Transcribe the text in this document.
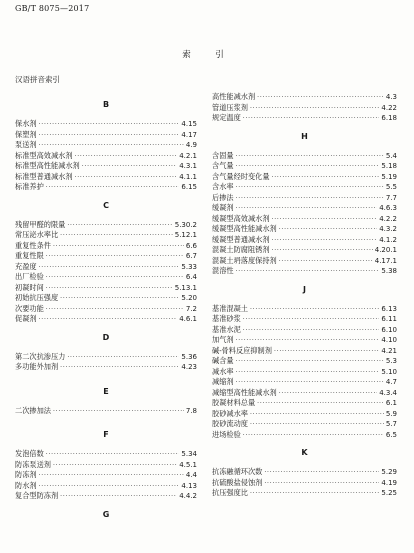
GB/T 8075—2017
索　引
汉语拼音索引
B
保水剂 ·····	4.15
保塑剂 ·····	4.17
泵送剂 ·····	4.9
标准型高效减水剂 ·····	4.2.1
标准型高性能减水剂 ·····	4.3.1
标准型普通减水剂 ·····	4.1.1
标准养护 ·····	6.15
C
残留甲醛的限量 ·····	5.30.2
常压泌水率比 ·····	5.12.1
重复性条件 ·····	6.6
重复性限 ·····	6.7
充盈度 ·····	5.33
出厂检验 ·····	6.4
初凝时间 ·····	5.13.1
初始抗压强度 ·····	5.20
次要功能 ·····	7.2
促凝剂 ·····	4.6.1
D
第二次抗渗压力 ·····	5.36
多功能外加剂 ·····	4.23
E
二次掺加法 ·····	7.8
F
发泡倍数 ·····	5.34
防冻泵送剂 ·····	4.5.1
防冻剂 ·····	4.4
防水剂 ·····	4.13
复合型防冻剂 ·····	4.4.2
G
高性能减水剂 ·····	4.3
管道压浆剂 ·····	4.22
规定温度 ·····	6.18
H
含固量 ·····	5.4
含气量 ·····	5.18
含气量经时变化量 ·····	5.19
含水率 ·····	5.5
后掺法 ·····	7.7
缓凝剂 ·····	4.6.3
缓凝型高效减水剂 ·····	4.2.2
缓凝型高性能减水剂 ·····	4.3.2
缓凝型普通减水剂 ·····	4.1.2
混凝土防腐阻锈剂 ·····	4.20.1
混凝土坍落度保持剂 ·····	4.17.1
混溶性 ·····	5.38
J
基准混凝土 ·····	6.13
基准砂浆 ·····	6.11
基准水泥 ·····	6.10
加气剂 ·····	4.10
碱-骨料反应抑制剂 ·····	4.21
碱含量 ·····	5.3
减水率 ·····	5.10
减缩剂 ·····	4.7
减缩型高性能减水剂 ·····	4.3.4
胶凝材料总量 ·····	6.1
胶砂减水率 ·····	5.9
胶砂流动度 ·····	5.7
进场检验 ·····	6.5
K
抗冻融循环次数 ·····	5.29
抗硫酸盐侵蚀剂 ·····	4.19
抗压强度比 ·····	5.25
